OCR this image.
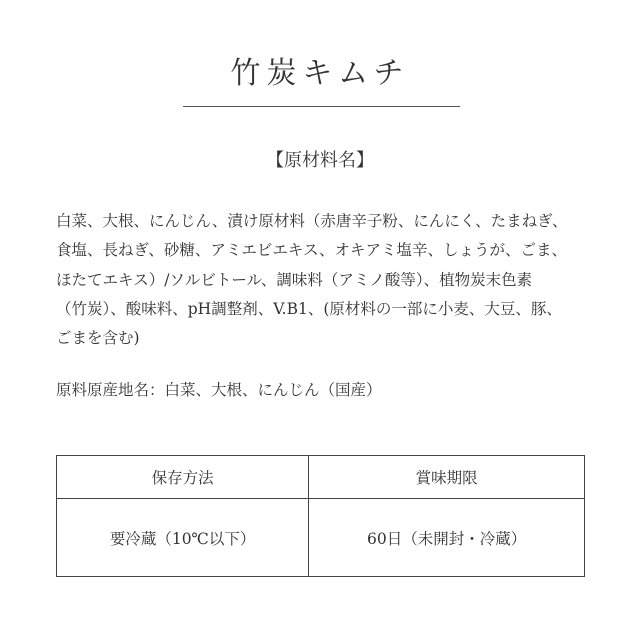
竹炭キムチ
【原材料名】

白菜、大根、にんじん、漬け原材料（赤唐辛子粉、にんにく、たまねぎ、

食塩、長ねぎ、砂糖、アミエビエキス、オキアミ塩辛、しょうが、ごま、

ほたてエキス）/ソルビトール、調味料（アミノ酸等）、植物炭末色素

（竹炭）、酸味料、pH調整剤、V.B1、(原材料の一部に小麦、大豆、豚、

ごまを含む)

原料原産地名：白菜、大根、にんじん（国産）
保存方法	賞味期限
要冷蔵（10℃以下）	60日（未開封・冷蔵）
